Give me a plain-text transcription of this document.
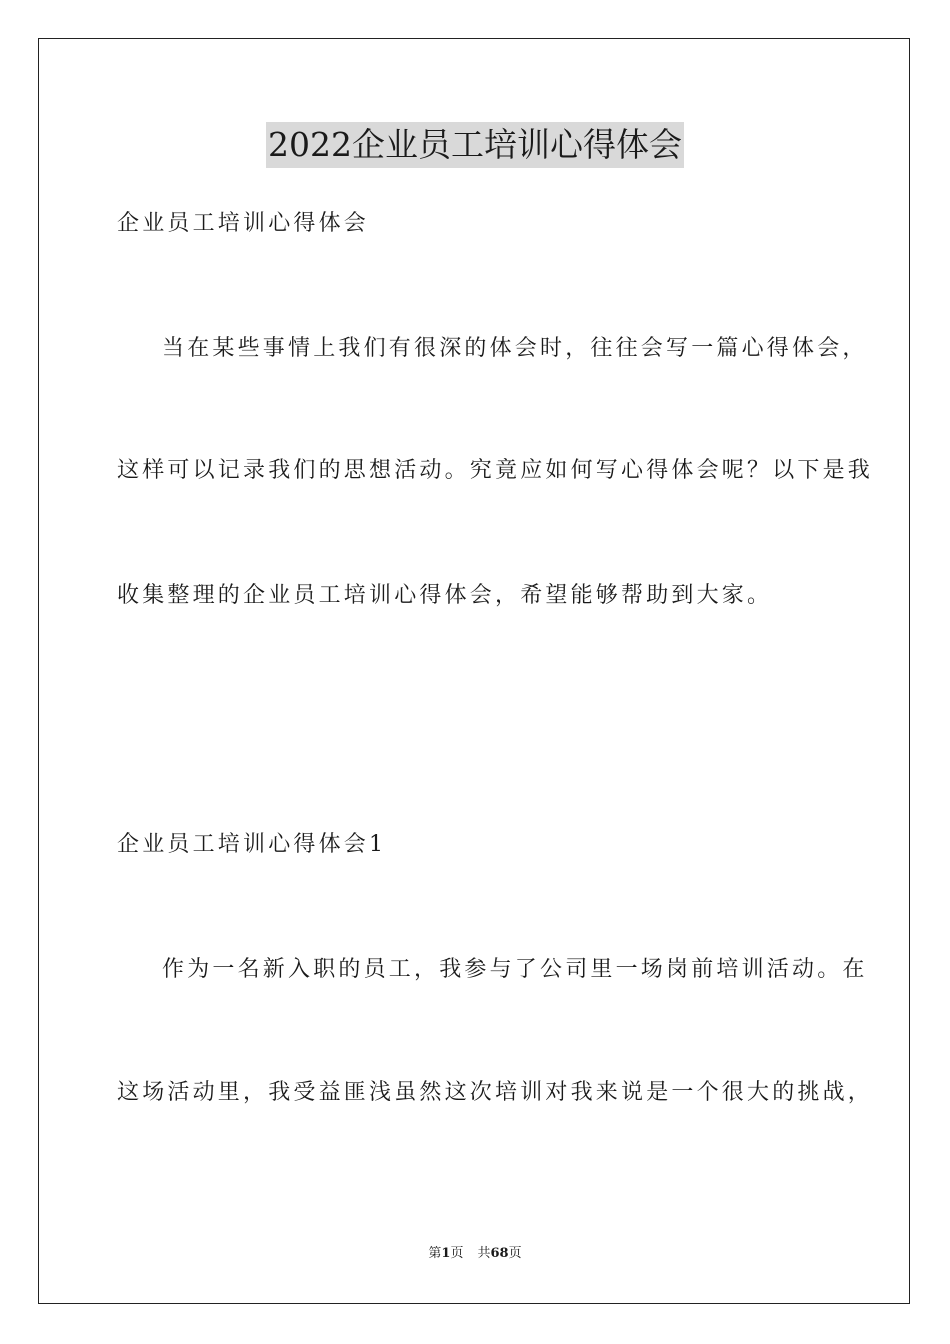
2022企业员工培训心得体会
企业员工培训心得体会
当在某些事情上我们有很深的体会时，往往会写一篇心得体会，
这样可以记录我们的思想活动。究竟应如何写心得体会呢？以下是我
收集整理的企业员工培训心得体会，希望能够帮助到大家。
企业员工培训心得体会1
作为一名新入职的员工，我参与了公司里一场岗前培训活动。在
这场活动里，我受益匪浅虽然这次培训对我来说是一个很大的挑战，
第1页 共68页
